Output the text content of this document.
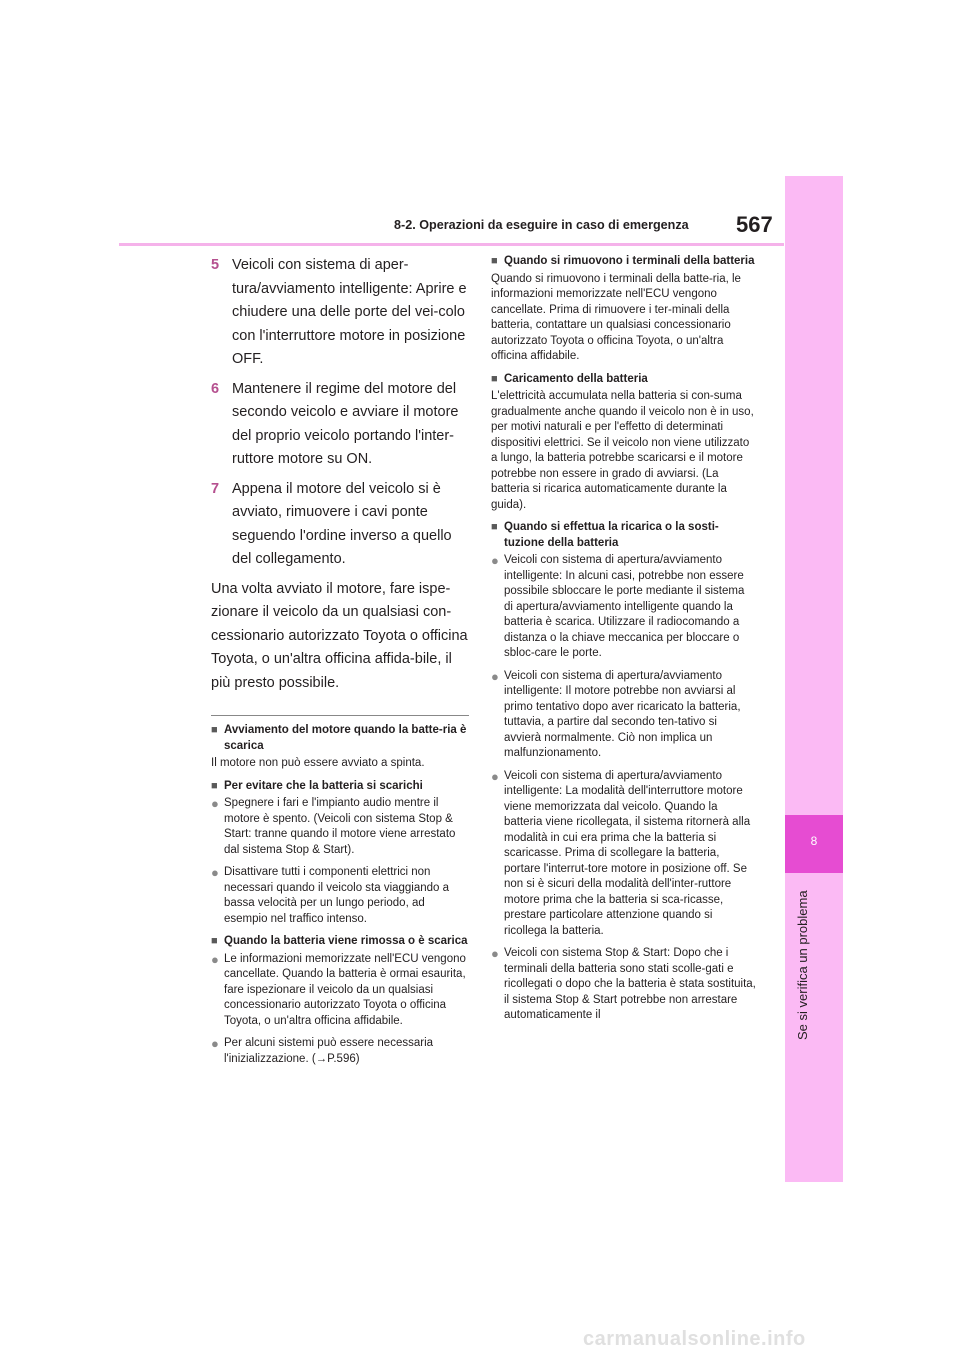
8-2. Operazioni da eseguire in caso di emergenza 567
8
Se si verifica un problema
5 Veicoli con sistema di aper-tura/avviamento intelligente: Aprire e chiudere una delle porte del vei-colo con l'interruttore motore in posizione OFF.
6 Mantenere il regime del motore del secondo veicolo e avviare il motore del proprio veicolo portando l'inter-ruttore motore su ON.
7 Appena il motore del veicolo si è avviato, rimuovere i cavi ponte seguendo l'ordine inverso a quello del collegamento.

Una volta avviato il motore, fare ispe-zionare il veicolo da un qualsiasi con-cessionario autorizzato Toyota o officina Toyota, o un'altra officina affida-bile, il più presto possibile.

■ Avviamento del motore quando la batte-ria è scarica

Il motore non può essere avviato a spinta.

■ Per evitare che la batteria si scarichi
● Spegnere i fari e l'impianto audio mentre il motore è spento. (Veicoli con sistema Stop & Start: tranne quando il motore viene arrestato dal sistema Stop & Start).
● Disattivare tutti i componenti elettrici non necessari quando il veicolo sta viaggiando a bassa velocità per un lungo periodo, ad esempio nel traffico intenso.
■ Quando la batteria viene rimossa o è scarica
● Le informazioni memorizzate nell'ECU vengono cancellate. Quando la batteria è ormai esaurita, fare ispezionare il veicolo da un qualsiasi concessionario autorizzato Toyota o officina Toyota, o un'altra officina affidabile.
● Per alcuni sistemi può essere necessaria l'inizializzazione. (→P.596)
■ Quando si rimuovono i terminali della batteria

Quando si rimuovono i terminali della batte-ria, le informazioni memorizzate nell'ECU vengono cancellate. Prima di rimuovere i ter-minali della batteria, contattare un qualsiasi concessionario autorizzato Toyota o officina Toyota, o un'altra officina affidabile.

■ Caricamento della batteria

L'elettricità accumulata nella batteria si con-suma gradualmente anche quando il veicolo non è in uso, per motivi naturali e per l'effetto di determinati dispositivi elettrici. Se il veicolo non viene utilizzato a lungo, la batteria potrebbe scaricarsi e il motore potrebbe non essere in grado di avviarsi. (La batteria si ricarica automaticamente durante la guida).

■ Quando si effettua la ricarica o la sosti-tuzione della batteria
● Veicoli con sistema di apertura/avviamento intelligente: In alcuni casi, potrebbe non essere possibile sbloccare le porte mediante il sistema di apertura/avviamento intelligente quando la batteria è scarica. Utilizzare il radiocomando a distanza o la chiave meccanica per bloccare o sbloc-care le porte.
● Veicoli con sistema di apertura/avviamento intelligente: Il motore potrebbe non avviarsi al primo tentativo dopo aver ricaricato la batteria, tuttavia, a partire dal secondo ten-tativo si avvierà normalmente. Ciò non implica un malfunzionamento.
● Veicoli con sistema di apertura/avviamento intelligente: La modalità dell'interruttore motore viene memorizzata dal veicolo. Quando la batteria viene ricollegata, il sistema ritornerà alla modalità in cui era prima che la batteria si scaricasse. Prima di scollegare la batteria, portare l'interrut-tore motore in posizione off. Se non si è sicuri della modalità dell'inter-ruttore motore prima che la batteria si sca-ricasse, prestare particolare attenzione quando si ricollega la batteria.
● Veicoli con sistema Stop & Start: Dopo che i terminali della batteria sono stati scolle-gati e ricollegati o dopo che la batteria è stata sostituita, il sistema Stop & Start potrebbe non arrestare automaticamente il
carmanualsonline.info
